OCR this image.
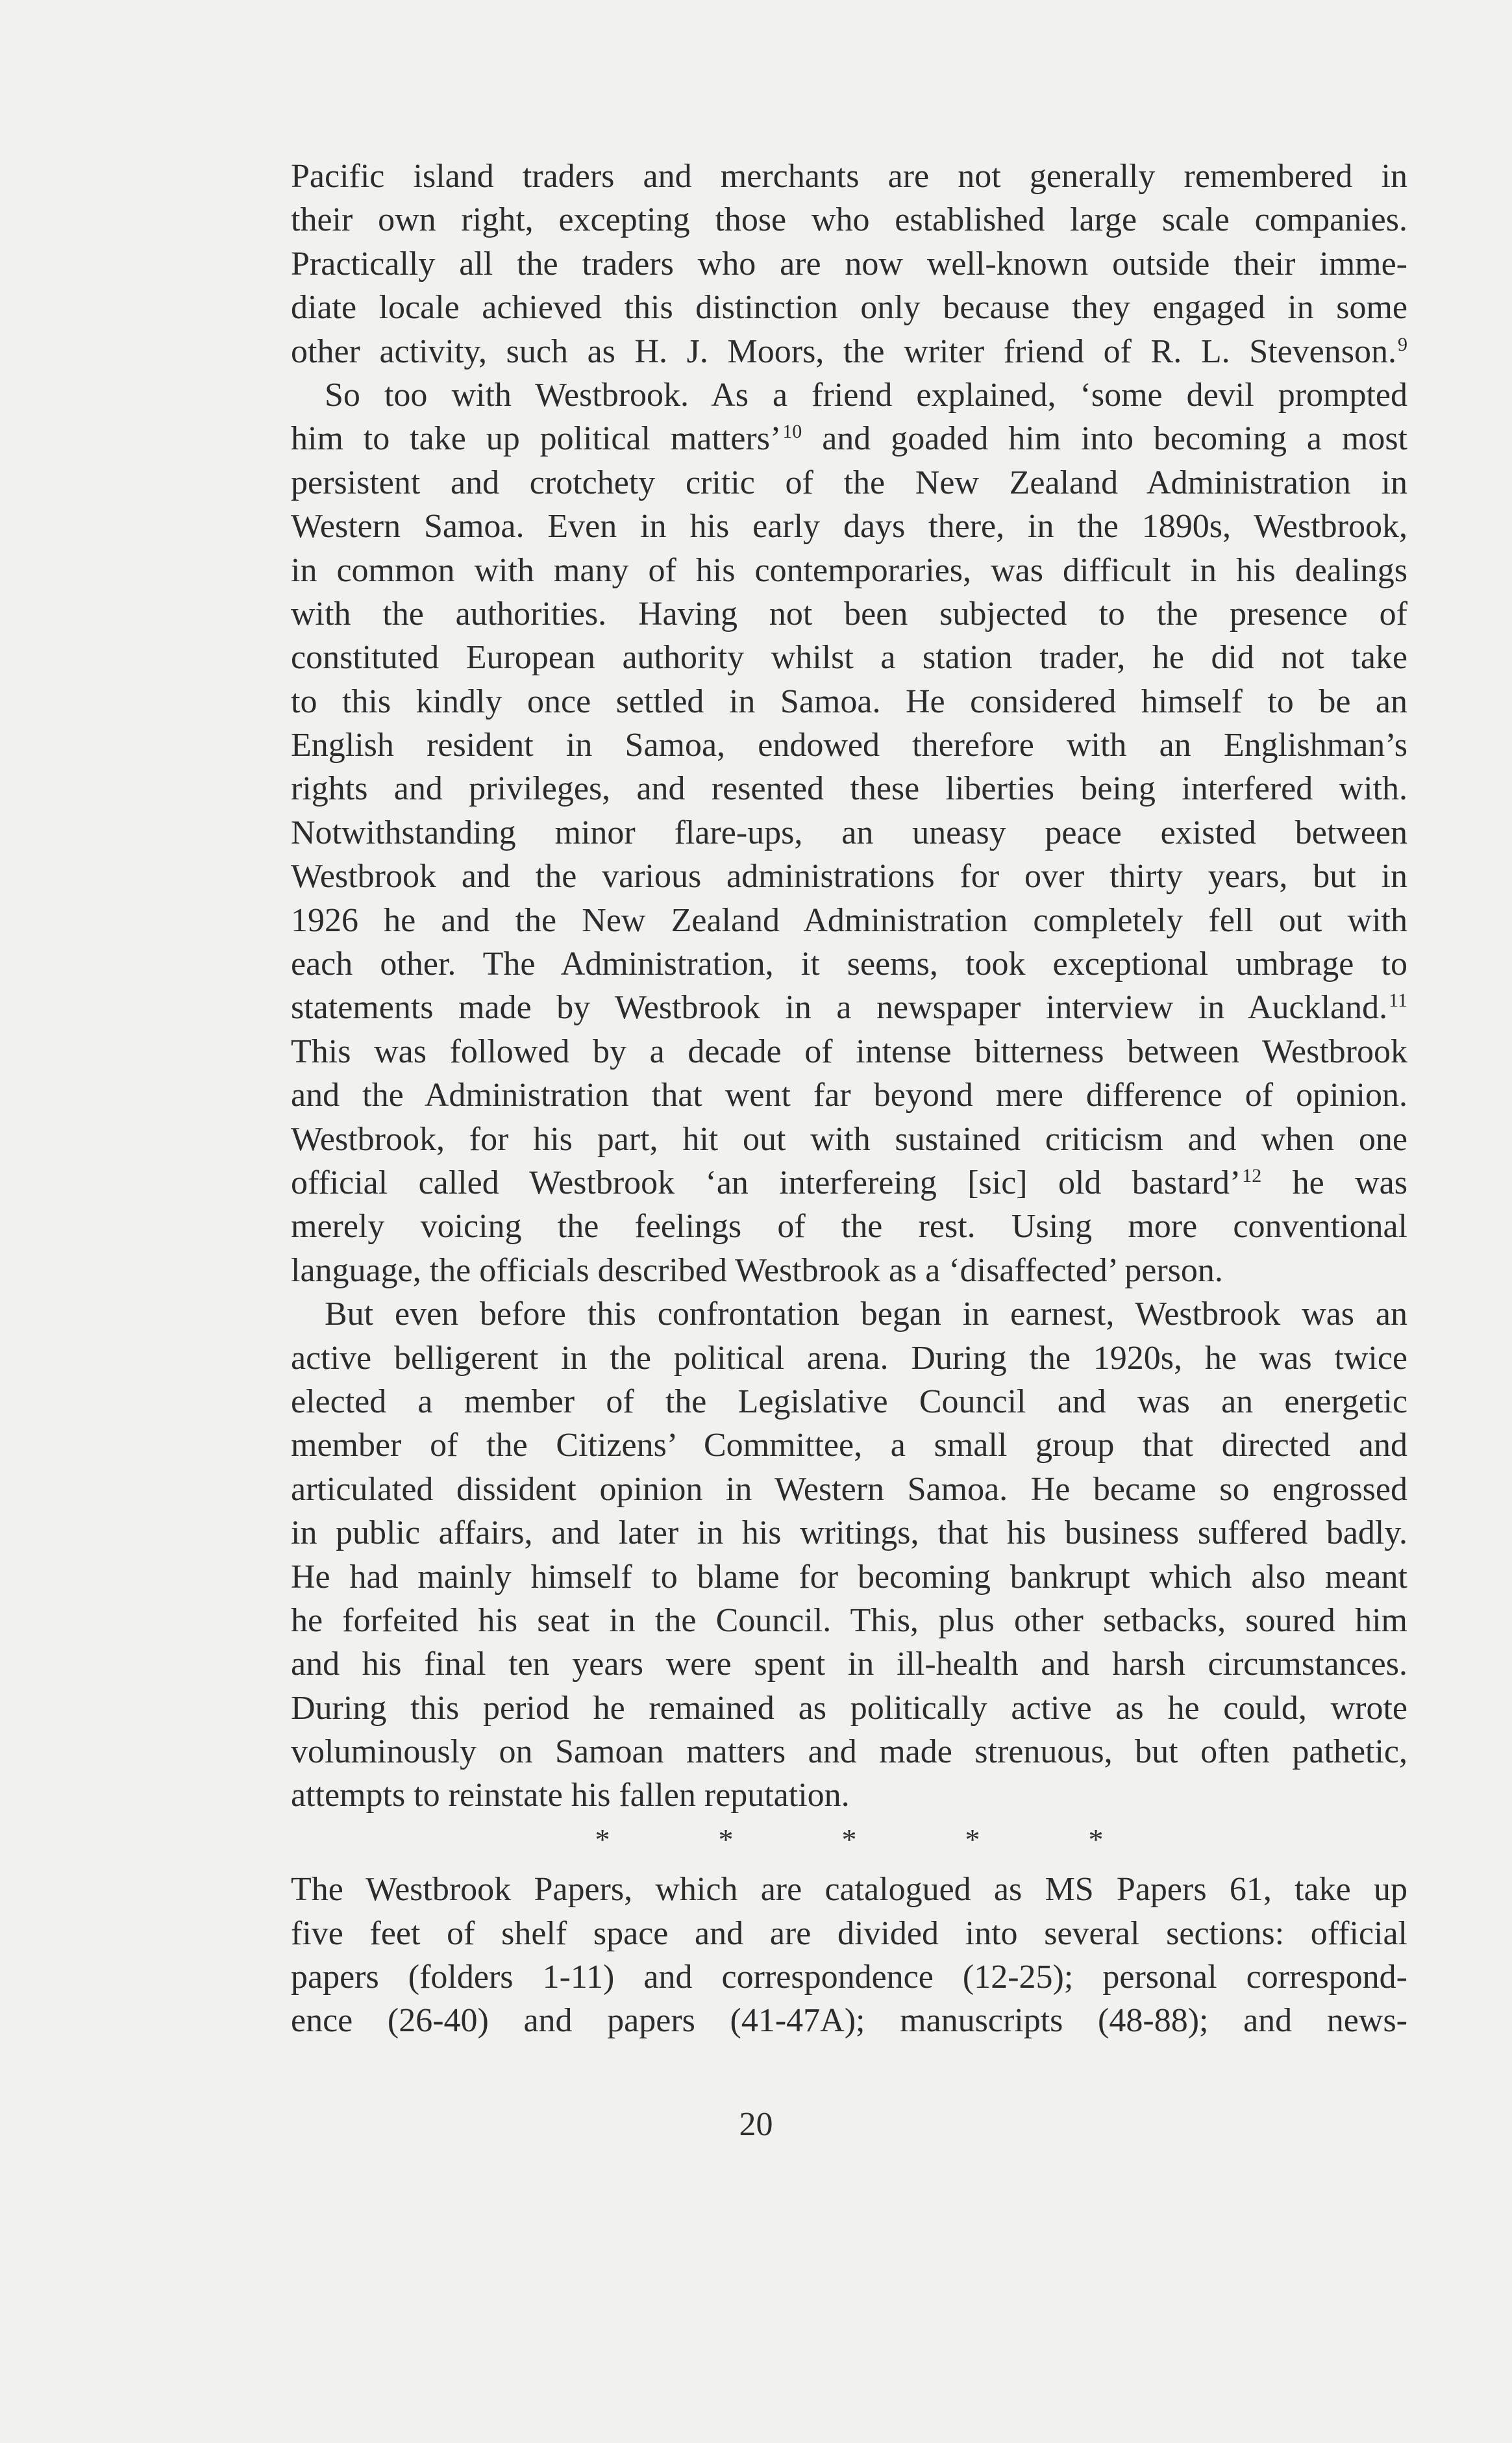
Pacific island traders and merchants are not generally remembered in
their own right, excepting those who established large scale companies.
Practically all the traders who are now well-known outside their imme-
diate locale achieved this distinction only because they engaged in some
other activity, such as H. J. Moors, the writer friend of R. L. Stevenson.$^9$
So too with Westbrook. As a friend explained, ‘some devil prompted
him to take up political matters’$^{10}$ and goaded him into becoming a most
persistent and crotchety critic of the New Zealand Administration in
Western Samoa. Even in his early days there, in the 1890s, Westbrook,
in common with many of his contemporaries, was difficult in his dealings
with the authorities. Having not been subjected to the presence of
constituted European authority whilst a station trader, he did not take
to this kindly once settled in Samoa. He considered himself to be an
English resident in Samoa, endowed therefore with an Englishman’s
rights and privileges, and resented these liberties being interfered with.
Notwithstanding minor flare-ups, an uneasy peace existed between
Westbrook and the various administrations for over thirty years, but in
1926 he and the New Zealand Administration completely fell out with
each other. The Administration, it seems, took exceptional umbrage to
statements made by Westbrook in a newspaper interview in Auckland.$^{11}$
This was followed by a decade of intense bitterness between Westbrook
and the Administration that went far beyond mere difference of opinion.
Westbrook, for his part, hit out with sustained criticism and when one
official called Westbrook ‘an interfereing [sic] old bastard’$^{12}$ he was
merely voicing the feelings of the rest. Using more conventional
language, the officials described Westbrook as a ‘disaffected’ person.
But even before this confrontation began in earnest, Westbrook was an
active belligerent in the political arena. During the 1920s, he was twice
elected a member of the Legislative Council and was an energetic
member of the Citizens’ Committee, a small group that directed and
articulated dissident opinion in Western Samoa. He became so engrossed
in public affairs, and later in his writings, that his business suffered badly.
He had mainly himself to blame for becoming bankrupt which also meant
he forfeited his seat in the Council. This, plus other setbacks, soured him
and his final ten years were spent in ill-health and harsh circumstances.
During this period he remained as politically active as he could, wrote
voluminously on Samoan matters and made strenuous, but often pathetic,
attempts to reinstate his fallen reputation.
*	*	*	*	*
The Westbrook Papers, which are catalogued as MS Papers 61, take up
five feet of shelf space and are divided into several sections: official
papers (folders 1-11) and correspondence (12-25); personal correspond-
ence (26-40) and papers (41-47A); manuscripts (48-88); and news-
20
